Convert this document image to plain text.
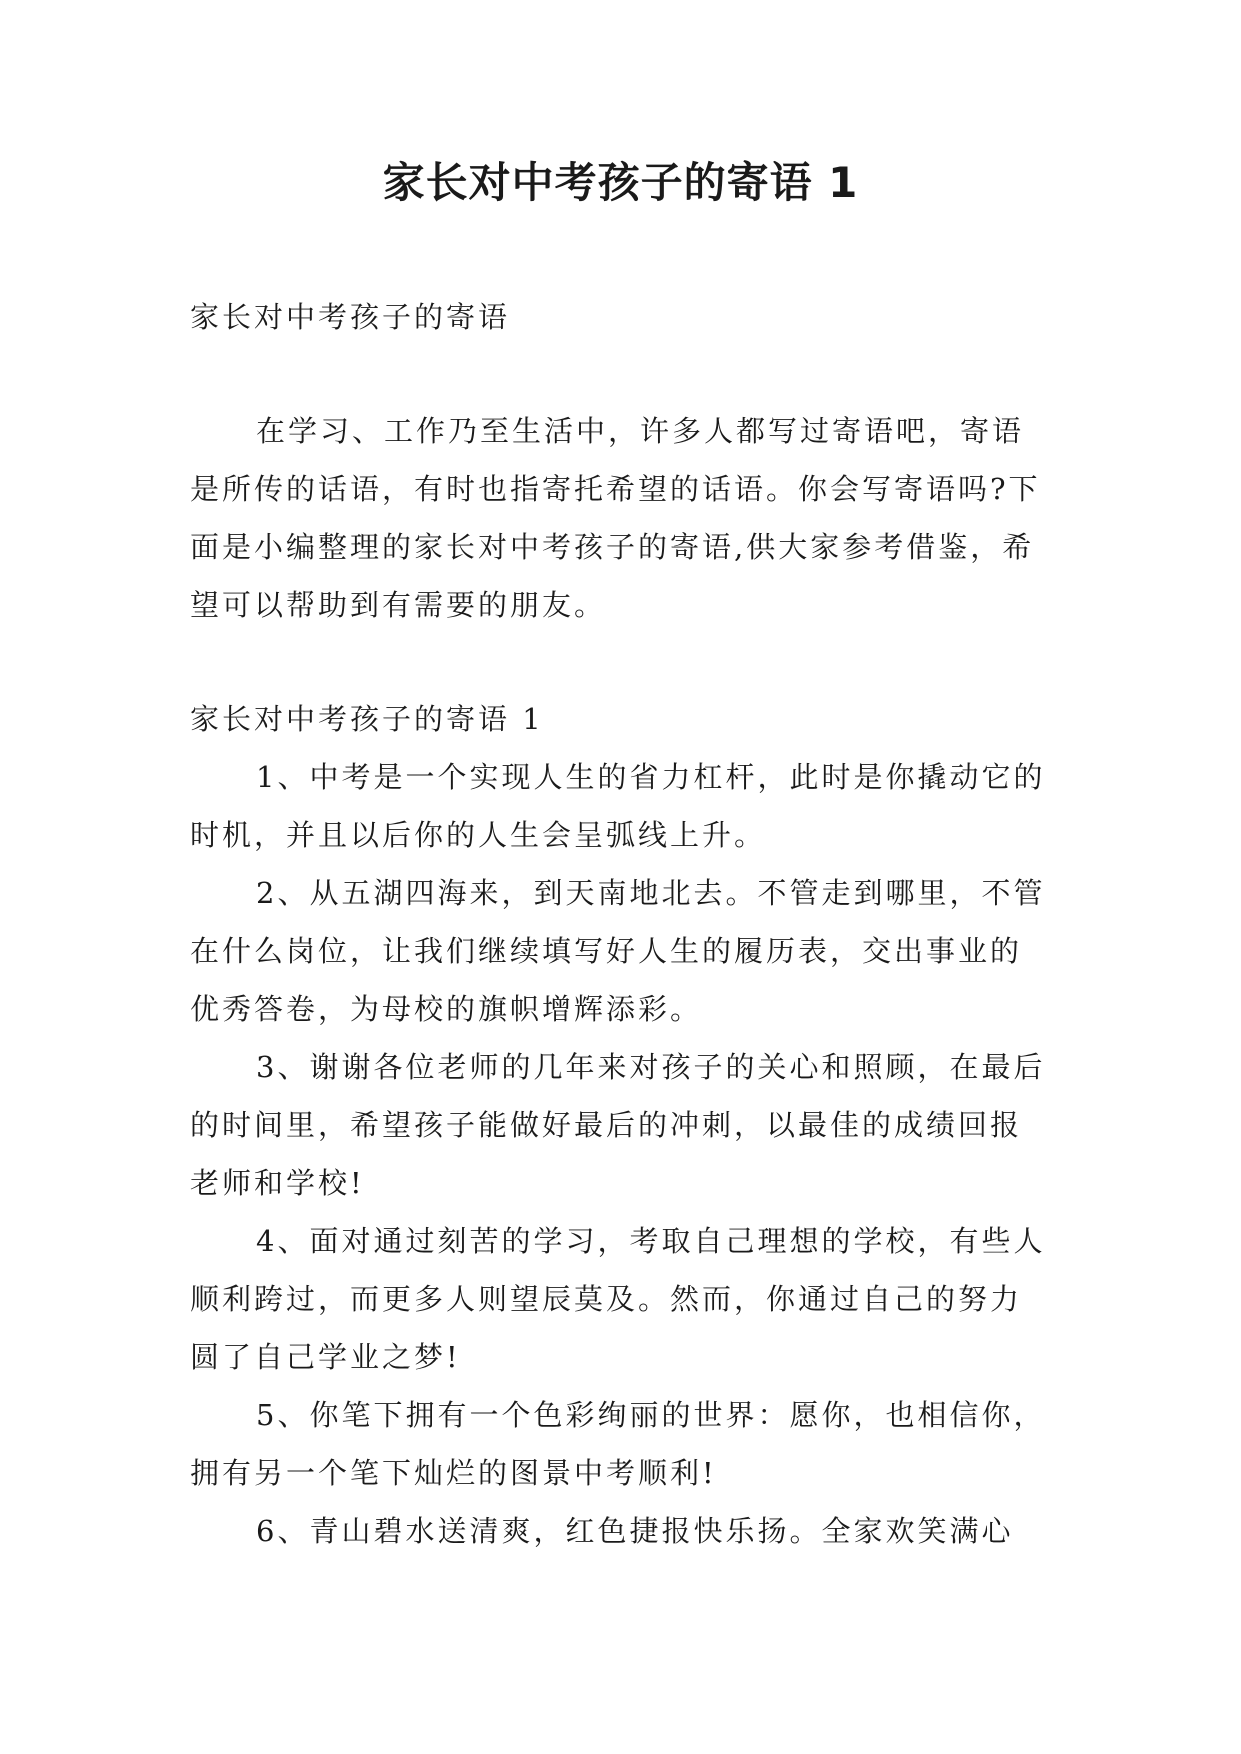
家长对中考孩子的寄语 1

家长对中考孩子的寄语

在学习、工作乃至生活中，许多人都写过寄语吧，寄语是所传的话语，有时也指寄托希望的话语。你会写寄语吗?下面是小编整理的家长对中考孩子的寄语,供大家参考借鉴，希望可以帮助到有需要的朋友。

家长对中考孩子的寄语 1

1、中考是一个实现人生的省力杠杆，此时是你撬动它的时机，并且以后你的人生会呈弧线上升。
2、从五湖四海来，到天南地北去。不管走到哪里，不管在什么岗位，让我们继续填写好人生的履历表，交出事业的优秀答卷，为母校的旗帜增辉添彩。
3、谢谢各位老师的几年来对孩子的关心和照顾，在最后的时间里，希望孩子能做好最后的冲刺，以最佳的成绩回报老师和学校!
4、面对通过刻苦的学习，考取自己理想的学校，有些人顺利跨过，而更多人则望辰莫及。然而，你通过自己的努力圆了自己学业之梦!
5、你笔下拥有一个色彩绚丽的世界：愿你，也相信你，拥有另一个笔下灿烂的图景中考顺利!
6、青山碧水送清爽，红色捷报快乐扬。全家欢笑满心
